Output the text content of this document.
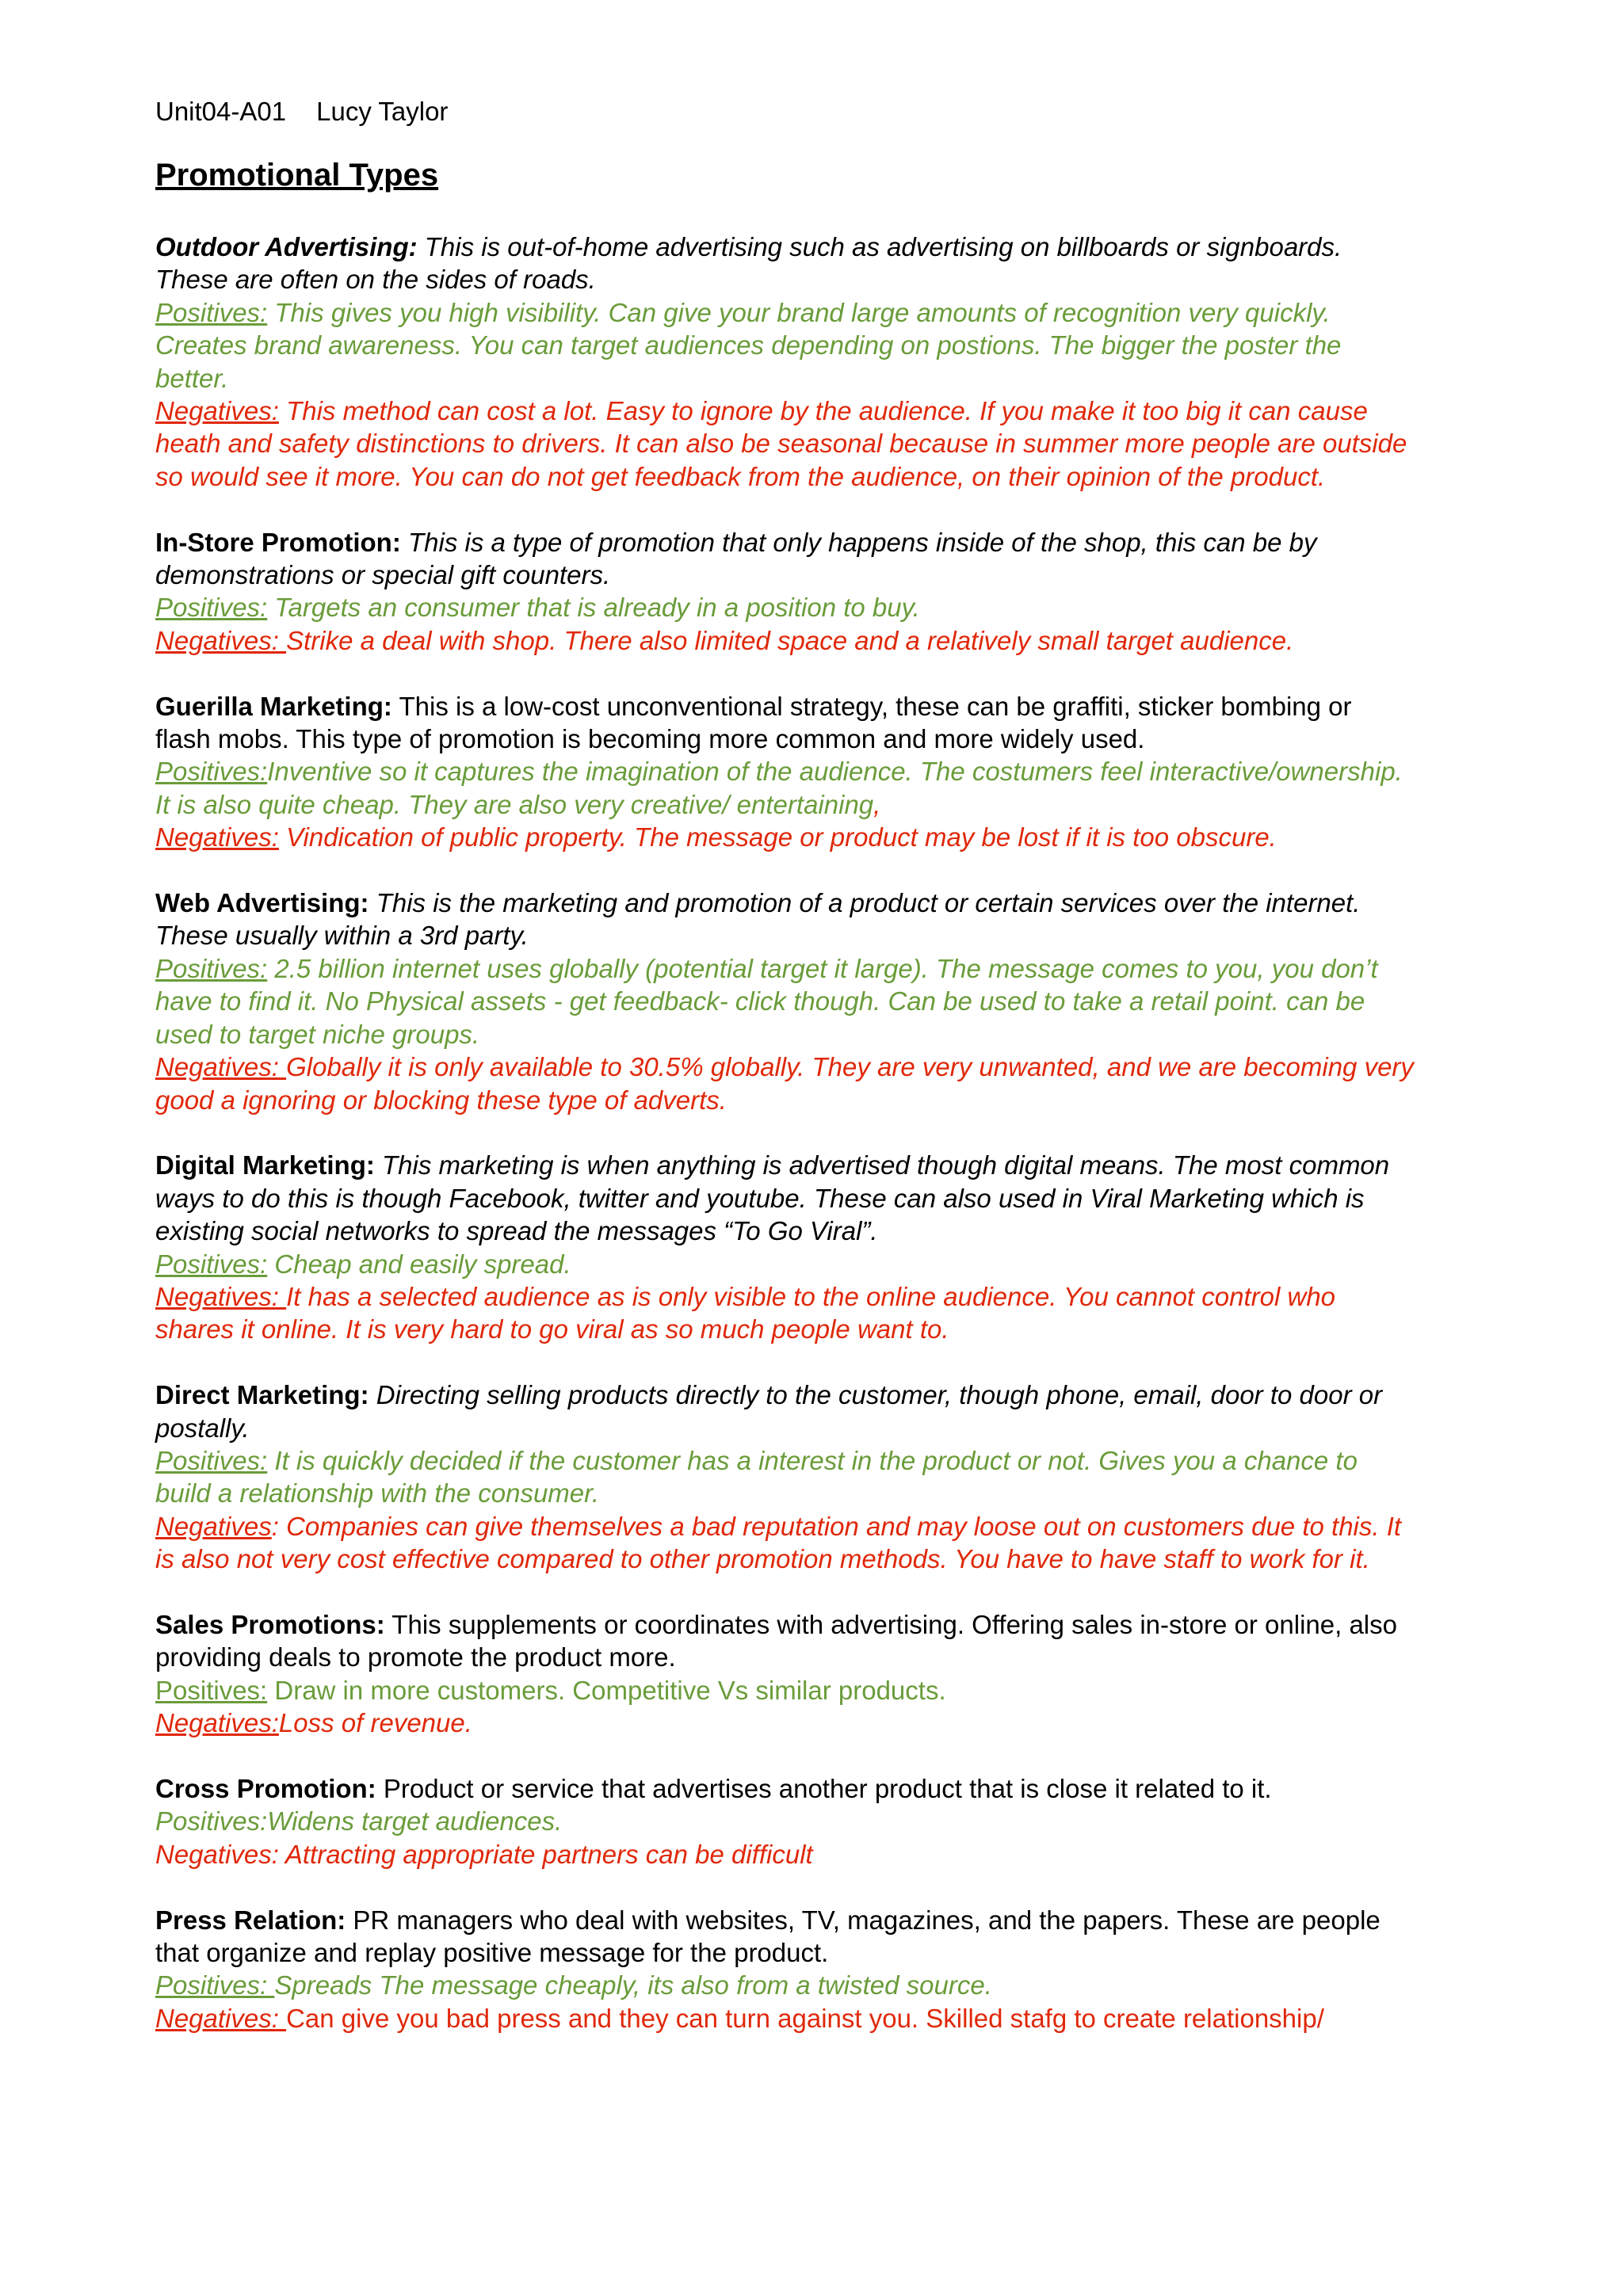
Unit04-A01 Lucy Taylor
Promotional Types
Outdoor Advertising: This is out-of-home advertising such as advertising on billboards or signboards.
These are often on the sides of roads.
Positives: This gives you high visibility. Can give your brand large amounts of recognition very quickly.
Creates brand awareness. You can target audiences depending on postions. The bigger the poster the
better.
Negatives: This method can cost a lot. Easy to ignore by the audience. If you make it too big it can cause
heath and safety distinctions to drivers. It can also be seasonal because in summer more people are outside
so would see it more. You can do not get feedback from the audience, on their opinion of the product.
In-Store Promotion: This is a type of promotion that only happens inside of the shop, this can be by
demonstrations or special gift counters.
Positives: Targets an consumer that is already in a position to buy.
Negatives: Strike a deal with shop. There also limited space and a relatively small target audience.
Guerilla Marketing: This is a low-cost unconventional strategy, these can be graffiti, sticker bombing or
flash mobs. This type of promotion is becoming more common and more widely used.
Positives:Inventive so it captures the imagination of the audience. The costumers feel interactive/ownership.
It is also quite cheap. They are also very creative/ entertaining,
Negatives: Vindication of public property. The message or product may be lost if it is too obscure.
Web Advertising: This is the marketing and promotion of a product or certain services over the internet.
These usually within a 3rd party.
Positives: 2.5 billion internet uses globally (potential target it large). The message comes to you, you don’t
have to find it. No Physical assets - get feedback- click though. Can be used to take a retail point. can be
used to target niche groups.
Negatives: Globally it is only available to 30.5% globally. They are very unwanted, and we are becoming very
good a ignoring or blocking these type of adverts.
Digital Marketing: This marketing is when anything is advertised though digital means. The most common
ways to do this is though Facebook, twitter and youtube. These can also used in Viral Marketing which is
existing social networks to spread the messages “To Go Viral”.
Positives: Cheap and easily spread.
Negatives: It has a selected audience as is only visible to the online audience. You cannot control who
shares it online. It is very hard to go viral as so much people want to.
Direct Marketing: Directing selling products directly to the customer, though phone, email, door to door or
postally.
Positives: It is quickly decided if the customer has a interest in the product or not. Gives you a chance to
build a relationship with the consumer.
Negatives: Companies can give themselves a bad reputation and may loose out on customers due to this. It
is also not very cost effective compared to other promotion methods. You have to have staff to work for it.
Sales Promotions: This supplements or coordinates with advertising. Offering sales in-store or online, also
providing deals to promote the product more.
Positives: Draw in more customers. Competitive Vs similar products.
Negatives:Loss of revenue.
Cross Promotion: Product or service that advertises another product that is close it related to it.
Positives:Widens target audiences.
Negatives: Attracting appropriate partners can be difficult
Press Relation: PR managers who deal with websites, TV, magazines, and the papers. These are people
that organize and replay positive message for the product.
Positives: Spreads The message cheaply, its also from a twisted source.
Negatives: Can give you bad press and they can turn against you. Skilled stafg to create relationship/
